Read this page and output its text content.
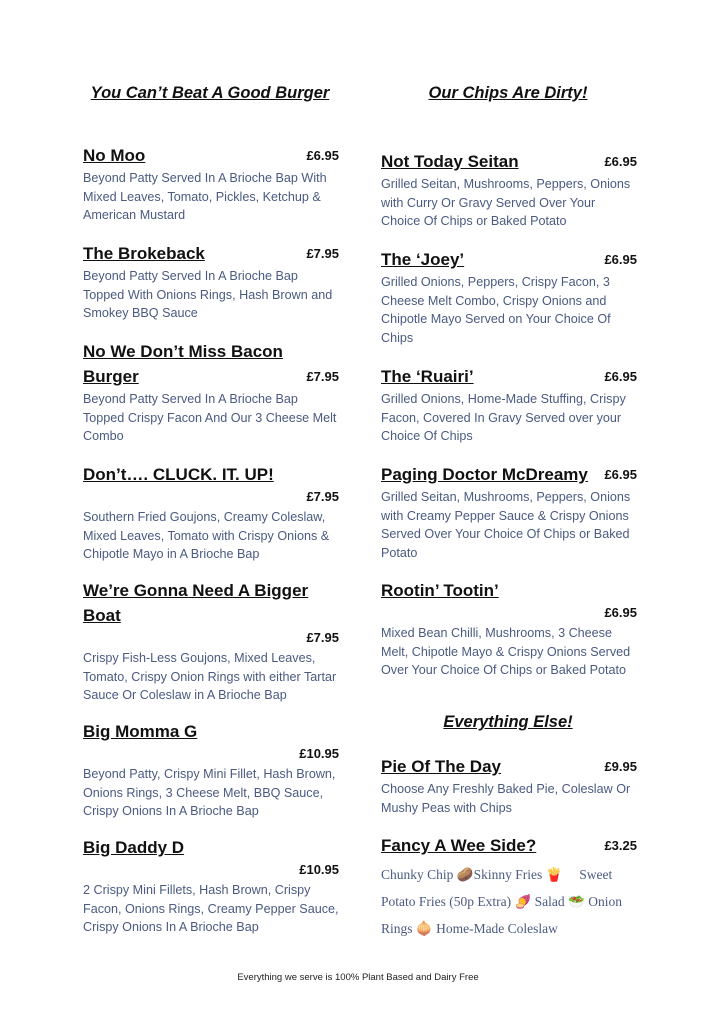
You Can’t Beat A Good Burger	Our Chips Are Dirty!
£6.95
No Moo
Beyond Patty Served In A Brioche Bap With Mixed Leaves, Tomato, Pickles, Ketchup & American Mustard
£7.95
The Brokeback
Beyond Patty Served In A Brioche Bap Topped With Onions Rings, Hash Brown and Smokey BBQ Sauce
£7.95
No We Don’t Miss Bacon Burger
Beyond Patty Served In A Brioche Bap Topped Crispy Facon And Our 3 Cheese Melt Combo
Don’t…. CLUCK. IT. UP!
£7.95
Southern Fried Goujons, Creamy Coleslaw, Mixed Leaves, Tomato with Crispy Onions & Chipotle Mayo in A Brioche Bap
We’re Gonna Need A Bigger Boat
£7.95
Crispy Fish-Less Goujons, Mixed Leaves, Tomato, Crispy Onion Rings with either Tartar Sauce Or Coleslaw in A Brioche Bap
Big Momma G
£10.95
Beyond Patty, Crispy Mini Fillet, Hash Brown, Onions Rings, 3 Cheese Melt, BBQ Sauce, Crispy Onions In A Brioche Bap
Big Daddy D
£10.95
2 Crispy Mini Fillets, Hash Brown, Crispy Facon, Onions Rings, Creamy Pepper Sauce, Crispy Onions In A Brioche Bap
£6.95
Not Today Seitan
Grilled Seitan, Mushrooms, Peppers, Onions with Curry Or Gravy Served Over Your Choice Of Chips or Baked Potato
£6.95
The ‘Joey’
Grilled Onions, Peppers, Crispy Facon, 3 Cheese Melt Combo, Crispy Onions and Chipotle Mayo Served on Your Choice Of Chips
£6.95
The ‘Ruairi’
Grilled Onions, Home-Made Stuffing, Crispy Facon, Covered In Gravy Served over your Choice Of Chips
£6.95
Paging Doctor McDreamy
Grilled Seitan, Mushrooms, Peppers, Onions with Creamy Pepper Sauce & Crispy Onions Served Over Your Choice Of Chips or Baked Potato
Rootin’ Tootin’
£6.95
Mixed Bean Chilli, Mushrooms, 3 Cheese Melt, Chipotle Mayo & Crispy Onions Served Over Your Choice Of Chips or Baked Potato
Everything Else!
£9.95
Pie Of The Day
Choose Any Freshly Baked Pie, Coleslaw Or Mushy Peas with Chips
£3.25
Fancy A Wee Side?
Chunky Chip 🥔Skinny Fries 🍟 Sweet Potato Fries (50p Extra) 🍠 Salad 🥗 Onion Rings 🧅 Home-Made Coleslaw
Everything we serve is 100% Plant Based and Dairy Free
